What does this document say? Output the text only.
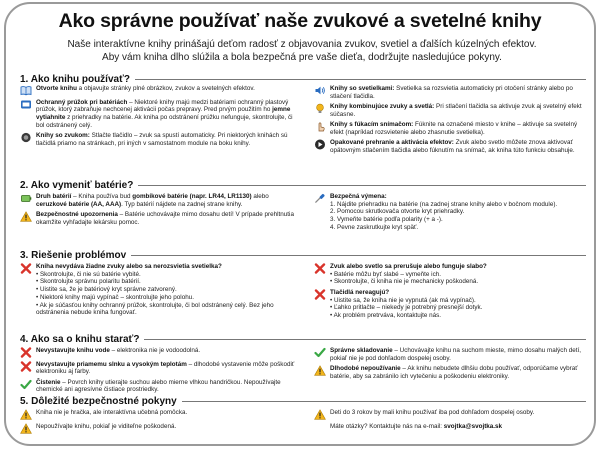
Ako správne používať naše zvukové a svetelné knihy
Naše interaktívne knihy prinášajú deťom radosť z objavovania zvukov, svetiel a ďalších kúzelných efektov.
Aby vám kniha dlho slúžila a bola bezpečná pre vaše dieťa, dodržujte nasledujúce pokyny.
1. Ako knihu používať?
Otvorte knihu a objavujte stránky plné obrázkov, zvukov a svetelných efektov.
Ochranný prúžok pri batériách – Niektoré knihy majú medzi batériami ochranný plastový prúžok, ktorý zabraňuje nechcenej aktivácii počas prepravy. Pred prvým použitím ho jemne vytiahnite z priehradky na batérie. Ak kniha po odstránení prúžku nefunguje, skontrolujte, či bol odstránený celý.
Knihy so zvukom: Stlačte tlačidlo – zvuk sa spustí automaticky. Pri niektorých knihách sú tlačidlá priamo na stránkach, pri iných v samostatnom module na boku knihy.
Knihy so svetielkami: Svetielka sa rozsvietia automaticky pri otočení stránky alebo po stlačení tlačidla.
Knihy kombinujúce zvuky a svetlá: Pri stlačení tlačidla sa aktivuje zvuk aj svetelný efekt súčasne.
Knihy s fúkacím snímačom: Fúknite na označené miesto v knihe – aktivuje sa svetelný efekt (napríklad rozsvietenie alebo zhasnutie svetielka).
Opakované prehranie a aktivácia efektov: Zvuk alebo svetlo môžete znova aktivovať opätovným stlačením tlačidla alebo fúknutím na snímač, ak kniha túto funkciu obsahuje.
2. Ako vymeniť batérie?
Druh batérií – Kniha používa bud gombíkové batérie (napr. LR44, LR1130) alebo ceruzkové batérie (AA, AAA). Typ batérií nájdete na zadnej strane knihy.
Bezpečnostné upozornenia – Batérie uchovávajte mimo dosahu detí! V prípade prehltnutia okamžite vyhľadajte lekársku pomoc.
Bezpečná výmena:
1. Nájdite priehradku na batérie (na zadnej strane knihy alebo v bočnom module).
2. Pomocou skrutkovača otvorte kryt priehradky.
3. Vymeňte batérie podľa polarity (+ a -).
4. Pevne zaskrutkujte kryt späť.
3. Riešenie problémov
Kniha nevydáva žiadne zvuky alebo sa nerozsvietia svetielka?
• Skontrolujte, či nie sú batérie vybité.
• Skontrolujte správnu polaritu batérií.
• Uistite sa, že je batériový kryt správne zatvorený.
• Niektoré knihy majú vypínač – skontrolujte jeho polohu.
• Ak je súčasťou knihy ochranný prúžok, skontrolujte, či bol odstránený celý. Bez jeho odstránenia nebude kniha fungovať.
Zvuk alebo svetlo sa prerušuje alebo funguje slabo?
• Batérie môžu byť slabé – vymeňte ich.
• Skontrolujte, či kniha nie je mechanicky poškodená.
Tlačidlá nereagujú?
• Uistite sa, že kniha nie je vypnutá (ak má vypínač).
• Ľahko pritlačte – niekedy je potrebný presnejší dotyk.
• Ak problém pretrváva, kontaktujte nás.
4. Ako sa o knihu starať?
Nevystavujte knihu vode – elektronika nie je vodoodolná.
Nevystavujte priamemu slnku a vysokým teplotám – dlhodobé vystavenie môže poškodiť elektroniku aj farby.
Čistenie – Povrch knihy utierajte suchou alebo mierne vlhkou handričkou. Nepoužívajte chemické ani agresívne čistiace prostriedky.
Správne skladovanie – Uchovávajte knihu na suchom mieste, mimo dosahu malých detí, pokiaľ nie je pod dohľadom dospelej osoby.
Dlhodobé nepoužívanie – Ak knihu nebudete dlhšiu dobu používať, odporúčame vybrať batérie, aby sa zabránilo ich vytečeniu a poškodeniu elektroniky.
5. Dôležité bezpečnostné pokyny
Kniha nie je hračka, ale interaktívna učebná pomôcka.
Nepoužívajte knihu, pokiaľ je viditeľne poškodená.
Deti do 3 rokov by mali knihu používať iba pod dohľadom dospelej osoby.
Máte otázky? Kontaktujte nás na e-mail: svojtka@svojtka.sk
